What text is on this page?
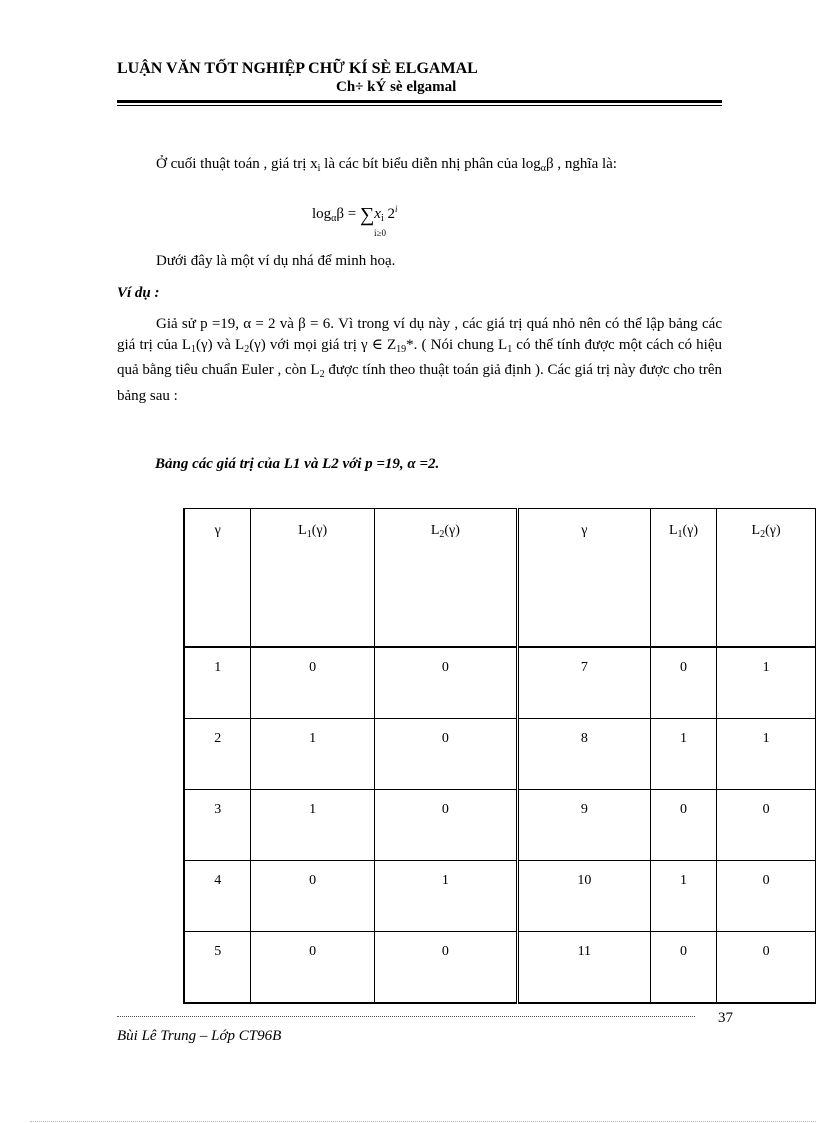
LUẬN VĂN TỐT NGHIỆP CHỮ KÍ SÈ ELGAMAL
Ch÷ kÝ sè elgamal
Ở cuối thuật toán , giá trị $x_i$ là các bít biểu diễn nhị phân của $\log_\alpha\beta$ , nghĩa là:
$\log_\alpha\beta = \sum x_i$ 2$^i$
i≥0
Dưới đây là một ví dụ nhá để minh hoạ.
Ví dụ :
Giả sử p =19, α = 2 và β = 6. Vì trong ví dụ này , các giá trị quá nhỏ nên có thể lập bảng các giá trị của $L_1(\gamma)$ và $L_2(\gamma)$ với mọi giá trị γ ∈ $Z_{19}*$. ( Nói chung $L_1$ có thể tính được một cách có hiệu quả bằng tiêu chuẩn Euler , còn $L_2$ được tính theo thuật toán giả định ). Các giá trị này được cho trên bảng sau :
Bảng các giá trị của L1 và L2 với p =19, α =2.
γ	$L_1(\gamma)$	$L_2(\gamma)$	γ	$L_1(\gamma)$	$L_2(\gamma)$
1	0	0	7	0	1
2	1	0	8	1	1
3	1	0	9	0	0
4	0	1	10	1	0
5	0	0	11	0	0
37
Bùi Lê Trung – Lớp CT96B
